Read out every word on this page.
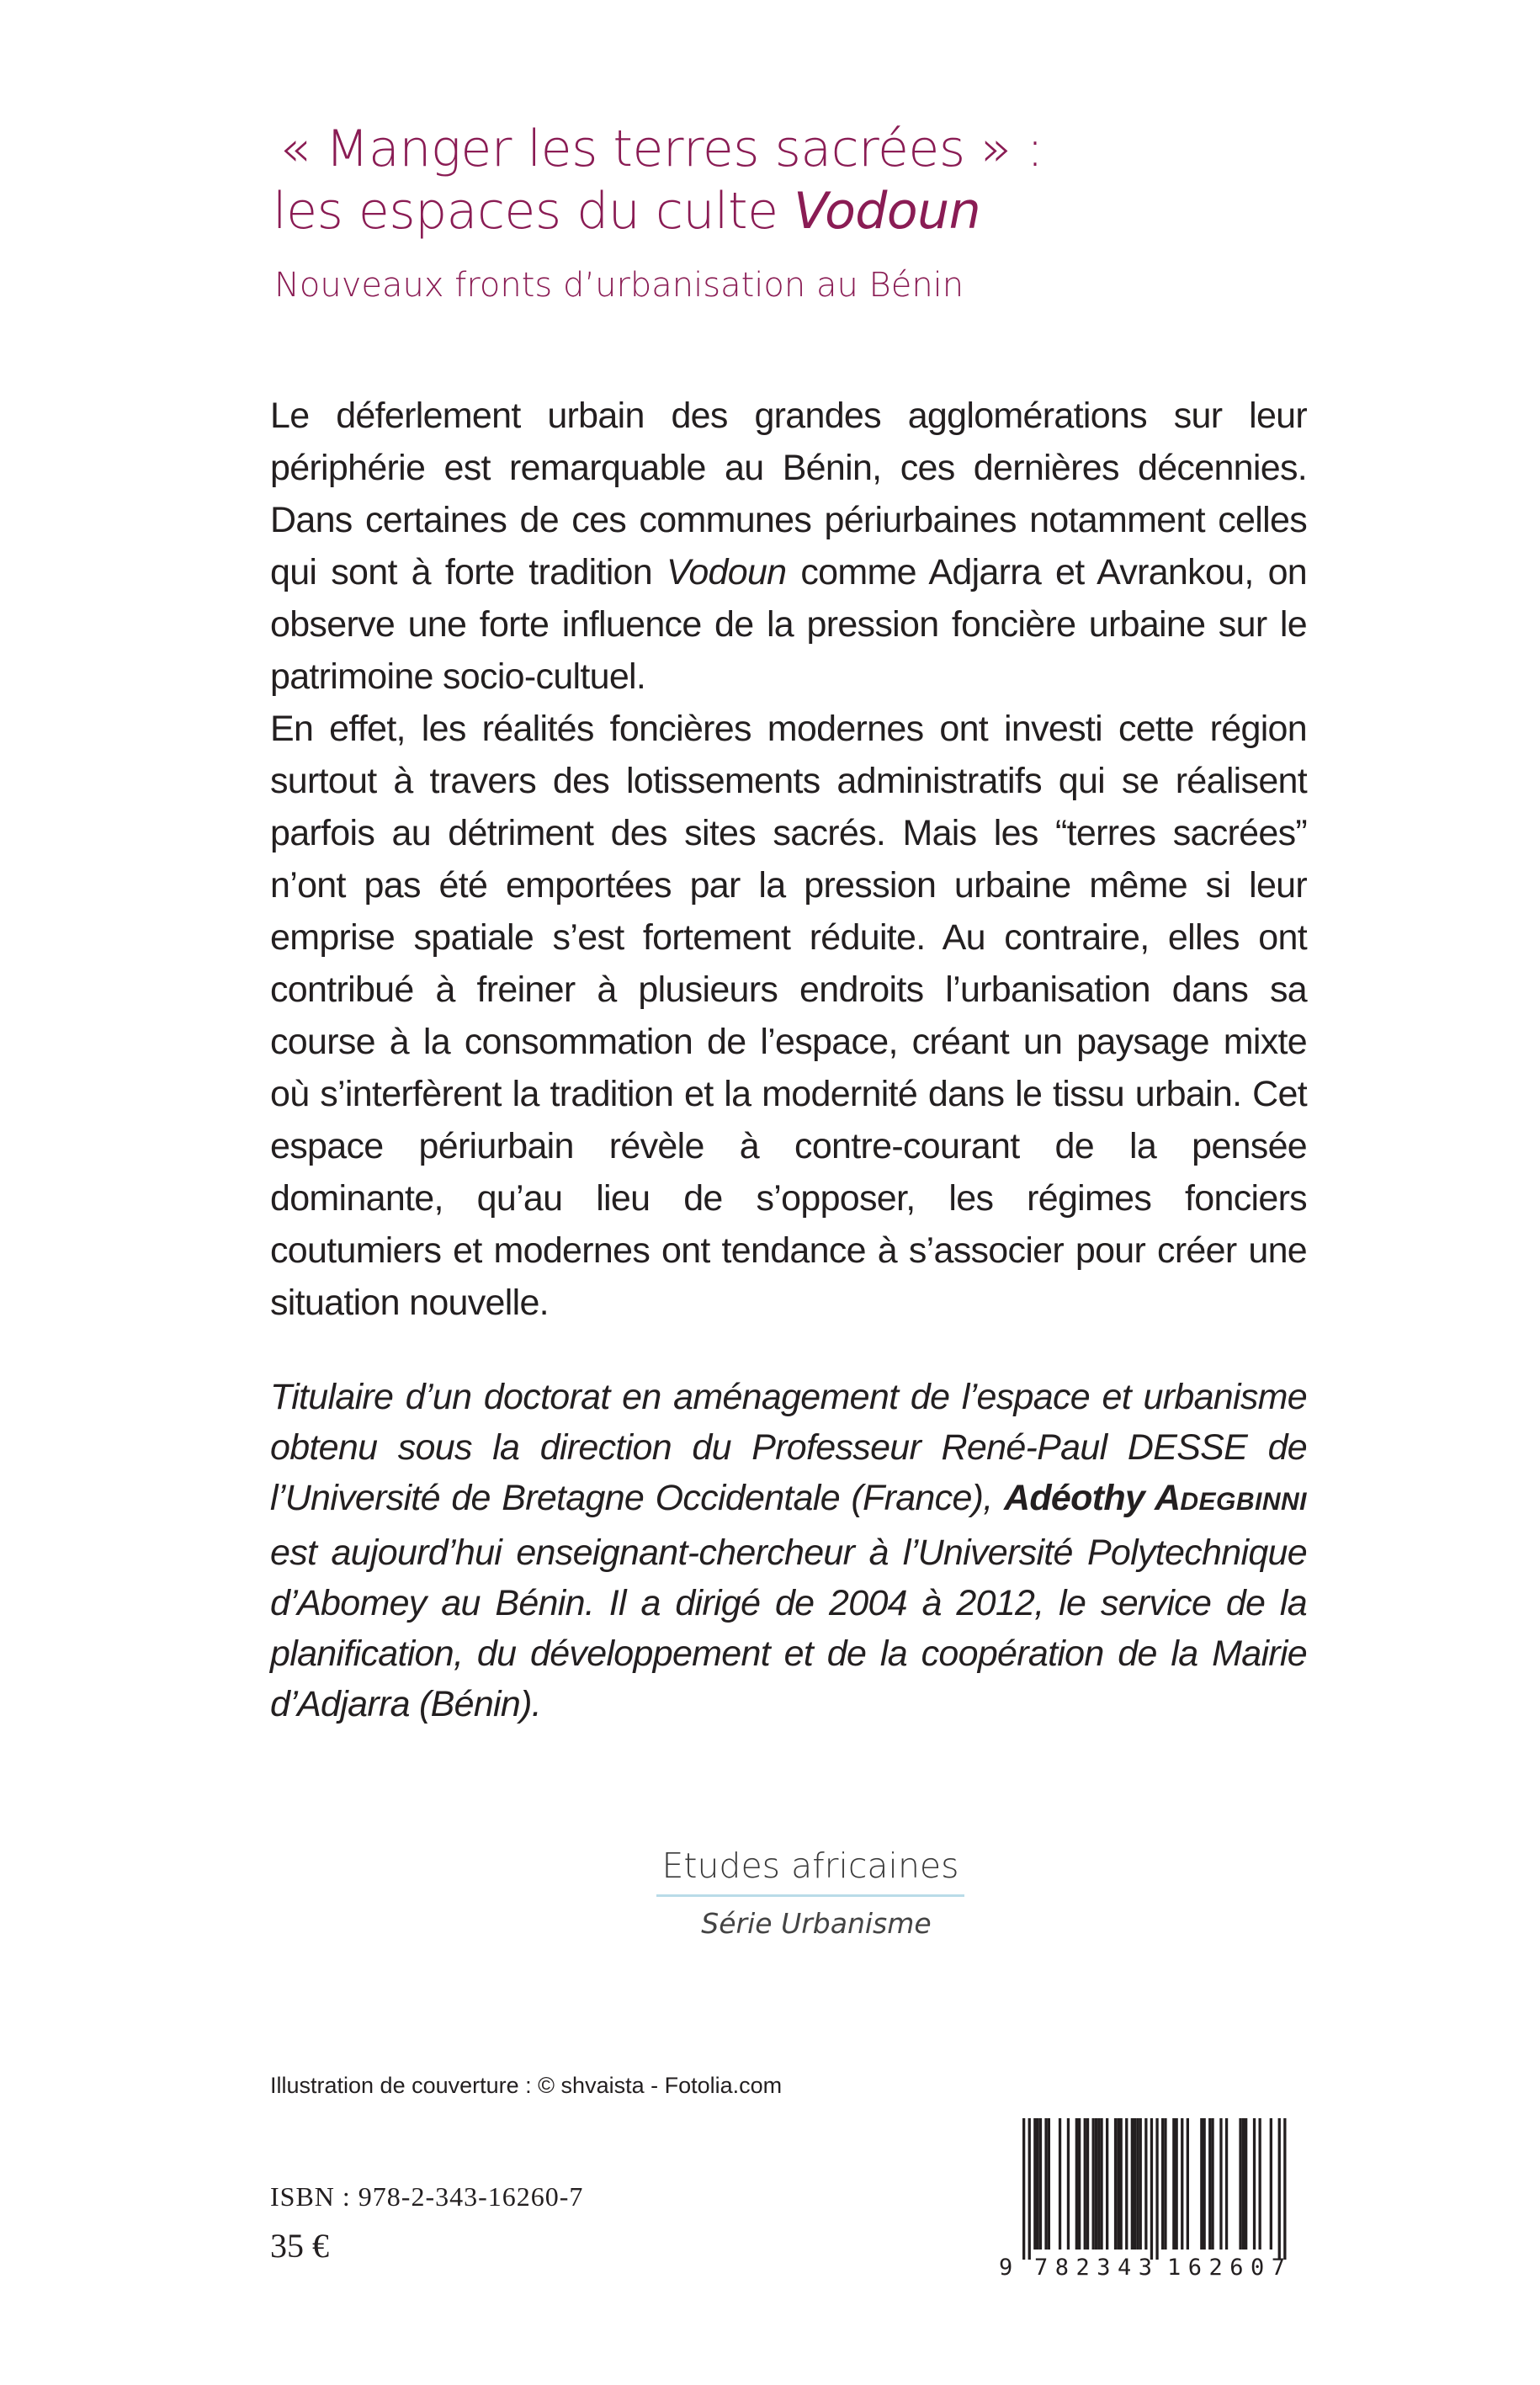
« Manger les terres sacrées » :
les espaces du culte Vodoun
Nouveaux fronts d’urbanisation au Bénin

Le déferlement urbain des grandes agglomérations sur leur périphérie est remarquable au Bénin, ces dernières décennies. Dans certaines de ces communes périurbaines notamment celles qui sont à forte tradition Vodoun comme Adjarra et Avrankou, on observe une forte influence de la pression foncière urbaine sur le patrimoine socio-cultuel.

En effet, les réalités foncières modernes ont investi cette région surtout à travers des lotissements administratifs qui se réalisent parfois au détriment des sites sacrés. Mais les “terres sacrées” n’ont pas été emportées par la pression urbaine même si leur emprise spatiale s’est fortement réduite. Au contraire, elles ont contribué à freiner à plusieurs endroits l’urbanisation dans sa course à la consommation de l’espace, créant un paysage mixte où s’interfèrent la tradition et la modernité dans le tissu urbain. Cet espace périurbain révèle à contre-courant de la pensée dominante, qu’au lieu de s’opposer, les régimes fonciers coutumiers et modernes ont tendance à s’associer pour créer une situation nouvelle.

Titulaire d’un doctorat en aménagement de l’espace et urbanisme obtenu sous la direction du Professeur René-Paul DESSE de l’Université de Bretagne Occidentale (France), Adéothy ADEGBINNI est aujourd’hui enseignant-chercheur à l’Université Polytechnique d’Abomey au Bénin. Il a dirigé de 2004 à 2012, le service de la planification, du développement et de la coopération de la Mairie d’Adjarra (Bénin).
Etudes africaines
Série Urbanisme
Illustration de couverture : © shvaista - Fotolia.com
ISBN : 978-2-343-16260-7
35 €
9 782343 162607
